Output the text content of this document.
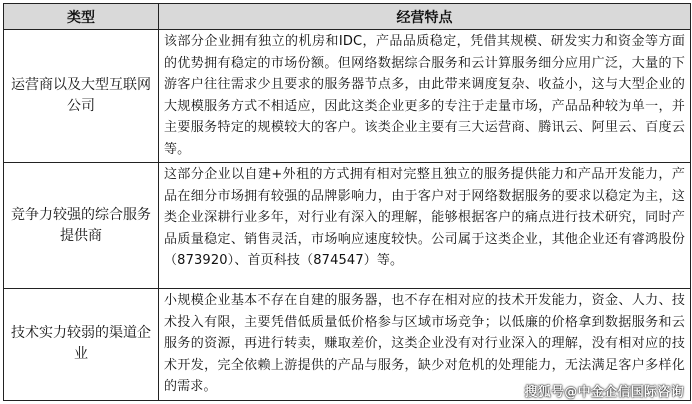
类型	经营特点
运营商以及大型互联网公司	该部分企业拥有独立的机房和IDC，产品品质稳定，凭借其规模、研发实力和资金等方面的优势拥有稳定的市场份额。但网络数据综合服务和云计算服务细分应用广泛，大量的下游客户往往需求少且要求的服务器节点多，由此带来调度复杂、收益小，这与大型企业的大规模服务方式不相适应，因此这类企业更多的专注于走量市场，产品品种较为单一，并主要服务特定的规模较大的客户。该类企业主要有三大运营商、腾讯云、阿里云、百度云等。
竞争力较强的综合服务提供商	这部分企业以自建+外租的方式拥有相对完整且独立的服务提供能力和产品开发能力，产品在细分市场拥有较强的品牌影响力，由于客户对于网络数据服务的要求以稳定为主，这类企业深耕行业多年，对行业有深入的理解，能够根据客户的痛点进行技术研究，同时产品质量稳定、销售灵活，市场响应速度较快。公司属于这类企业，其他企业还有睿鸿股份（873920）、首页科技（874547）等。
技术实力较弱的渠道企业	小规模企业基本不存在自建的服务器，也不存在相对应的技术开发能力，资金、人力、技术投入有限，主要凭借低质量低价格参与区域市场竞争；以低廉的价格拿到数据服务和云服务的资源，再进行转卖，赚取差价，这类企业没有对行业深入的理解，没有相对应的技术开发，完全依赖上游提供的产品与服务，缺少对危机的处理能力，无法满足客户多样化的需求。	搜狐号@中金企信国际咨询
